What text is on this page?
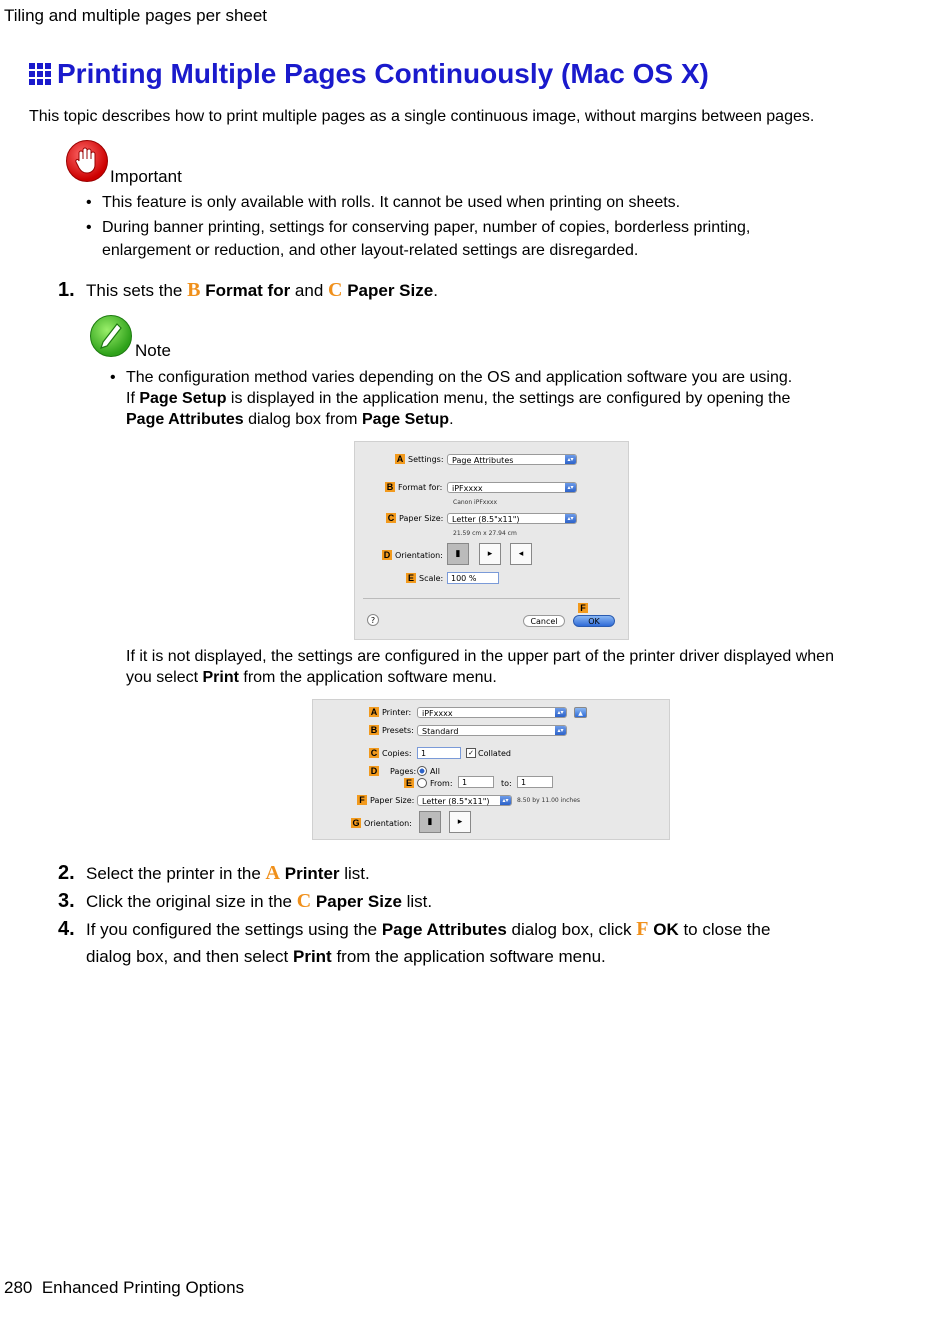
Tiling and multiple pages per sheet
Printing Multiple Pages Continuously (Mac OS X)
This topic describes how to print multiple pages as a single continuous image, without margins between pages.
Important
• This feature is only available with rolls. It cannot be used when printing on sheets.
• During banner printing, settings for conserving paper, number of copies, borderless printing,
enlargement or reduction, and other layout-related settings are disregarded.
1. This sets the B Format for and C Paper Size.
Note
• The configuration method varies depending on the OS and application software you are using.
If Page Setup is displayed in the application menu, the settings are configured by opening the
Page Attributes dialog box from Page Setup.
A Settings:	Page Attributes	▴▾
B Format for:	iPFxxxx	▴▾
Canon iPFxxxx
C Paper Size:	Letter (8.5"x11")	▴▾
21.59 cm x 27.94 cm
D Orientation:	▮	▸	◂
E Scale: 100 %
?	Cancel
F
OK
If it is not displayed, the settings are configured in the upper part of the printer driver displayed when
you select Print from the application software menu.
A Printer:	iPFxxxx	▴▾	▲
B Presets:	Standard	▴▾
C Copies:	1	✓ Collated
D Pages: All
E From:	1	to:	1
F Paper Size: Letter (8.5"x11")	▴▾	8.50 by 11.00 inches
G Orientation:	▮	▸
2. Select the printer in the A Printer list.
3. Click the original size in the C Paper Size list.
4. If you configured the settings using the Page Attributes dialog box, click F OK to close the
dialog box, and then select Print from the application software menu.
280 Enhanced Printing Options
